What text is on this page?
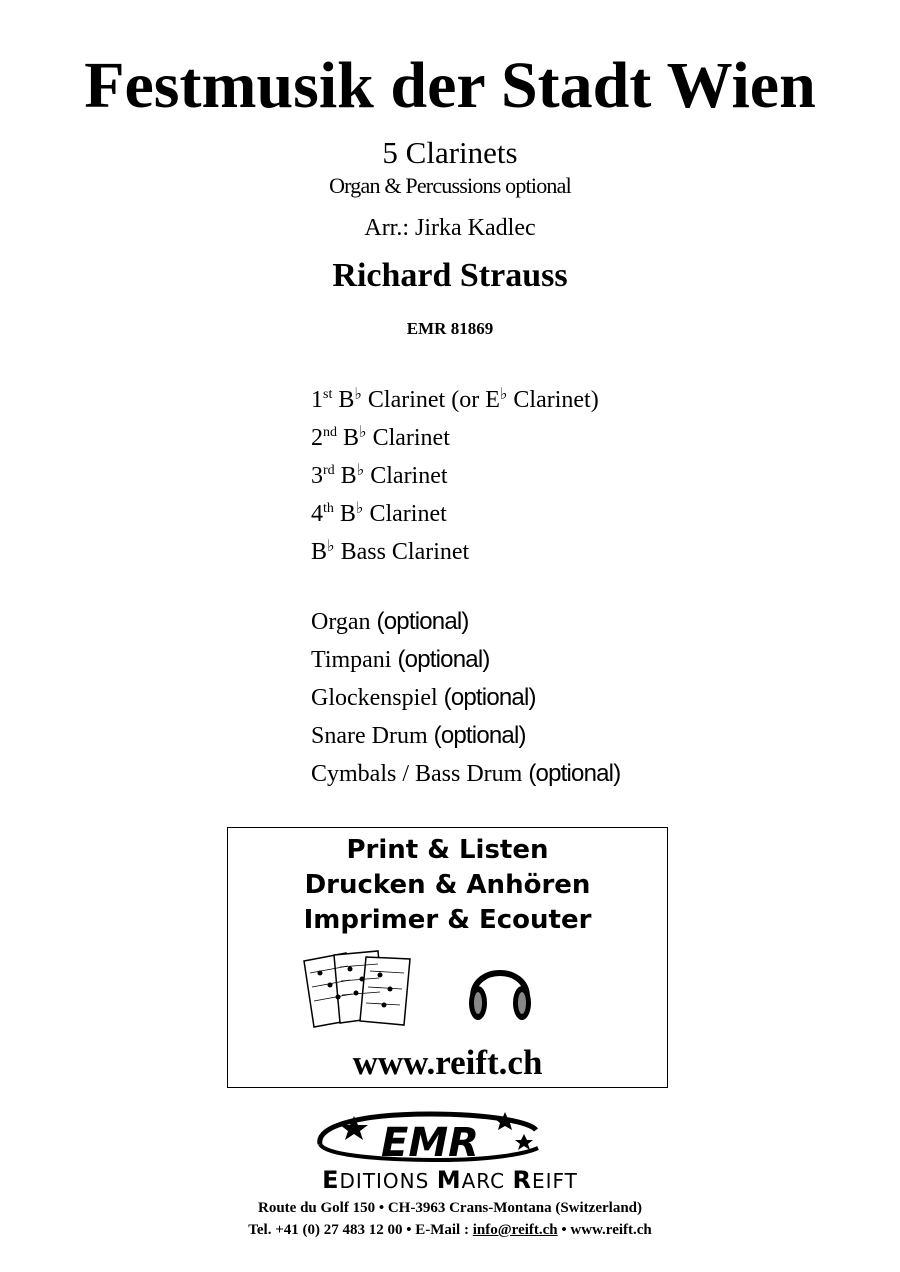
Festmusik der Stadt Wien
5 Clarinets
Organ & Percussions optional
Arr.: Jirka Kadlec
Richard Strauss
EMR 81869
1st B♭ Clarinet (or E♭ Clarinet)
2nd B♭ Clarinet
3rd B♭ Clarinet
4th B♭ Clarinet
B♭ Bass Clarinet
Organ (optional)
Timpani (optional)
Glockenspiel (optional)
Snare Drum (optional)
Cymbals / Bass Drum (optional)
Print & Listen
Drucken & Anhören
Imprimer & Ecouter
www.reift.ch
EMR
EDITIONS MARC REIFT
Route du Golf 150 • CH-3963 Crans-Montana (Switzerland)
Tel. +41 (0) 27 483 12 00 • E-Mail : info@reift.ch • www.reift.ch
